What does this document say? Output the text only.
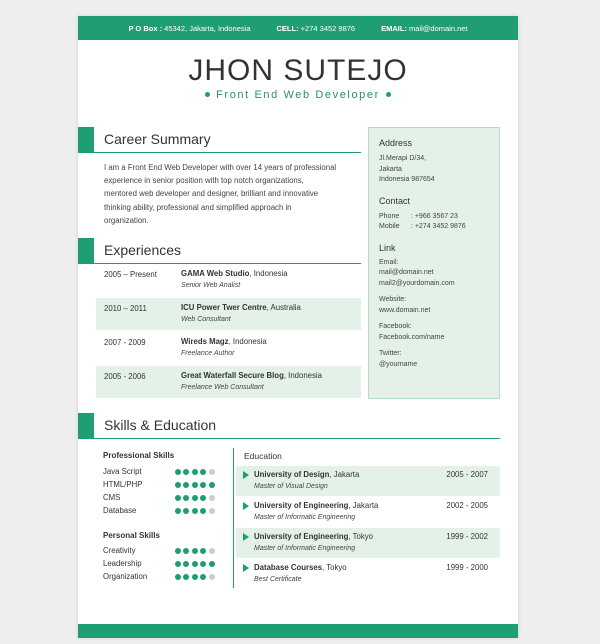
P O Box : 45342, Jakarta, Indonesia	CELL: +274 3452 9876	EMAIL: mail@domain.net
JHON SUTEJO
Front End Web Developer
Career Summary
I am a Front End Web Developer with over 14 years of professional
experience in senior position with top notch organizations,
mentored web developer and designer, brilliant and innovative
thinking ability, professional and simplified approach in
organization.
Experiences
2005 – Present	GAMA Web Studio, Indonesia
Senior Web Analist
2010 – 2011	ICU Power Twer Centre, Australia
Web Consultant
2007 - 2009	Wireds Magz, Indonesia
Freelance Author
2005 - 2006	Great Waterfall Secure Blog, Indonesia
Freelance Web Consultant
Address
Jl.Merapi D/34,
Jakarta
Indonesia 987654
Contact
Phone : +966 3567 23
Mobile : +274 3452 9876
Link
Email:
mail@domain.net
mail2@yourdomain.com
Website:
www.domain.net
Facebook:
Facebook.com/name
Twitter:
@yourname
Skills & Education
Professional Skills
Java Script
HTML/PHP
CMS
Database
Personal Skills
Creativity
Leadership
Organization
Education
University of Design, Jakarta
Master of Visual Design
2005 - 2007
University of Engineering, Jakarta
Master of Informatic Engineering
2002 - 2005
University of Engineering, Tokyo
Master of Informatic Engineering
1999 - 2002
Database Courses, Tokyo
Best Certificate
1999 - 2000
